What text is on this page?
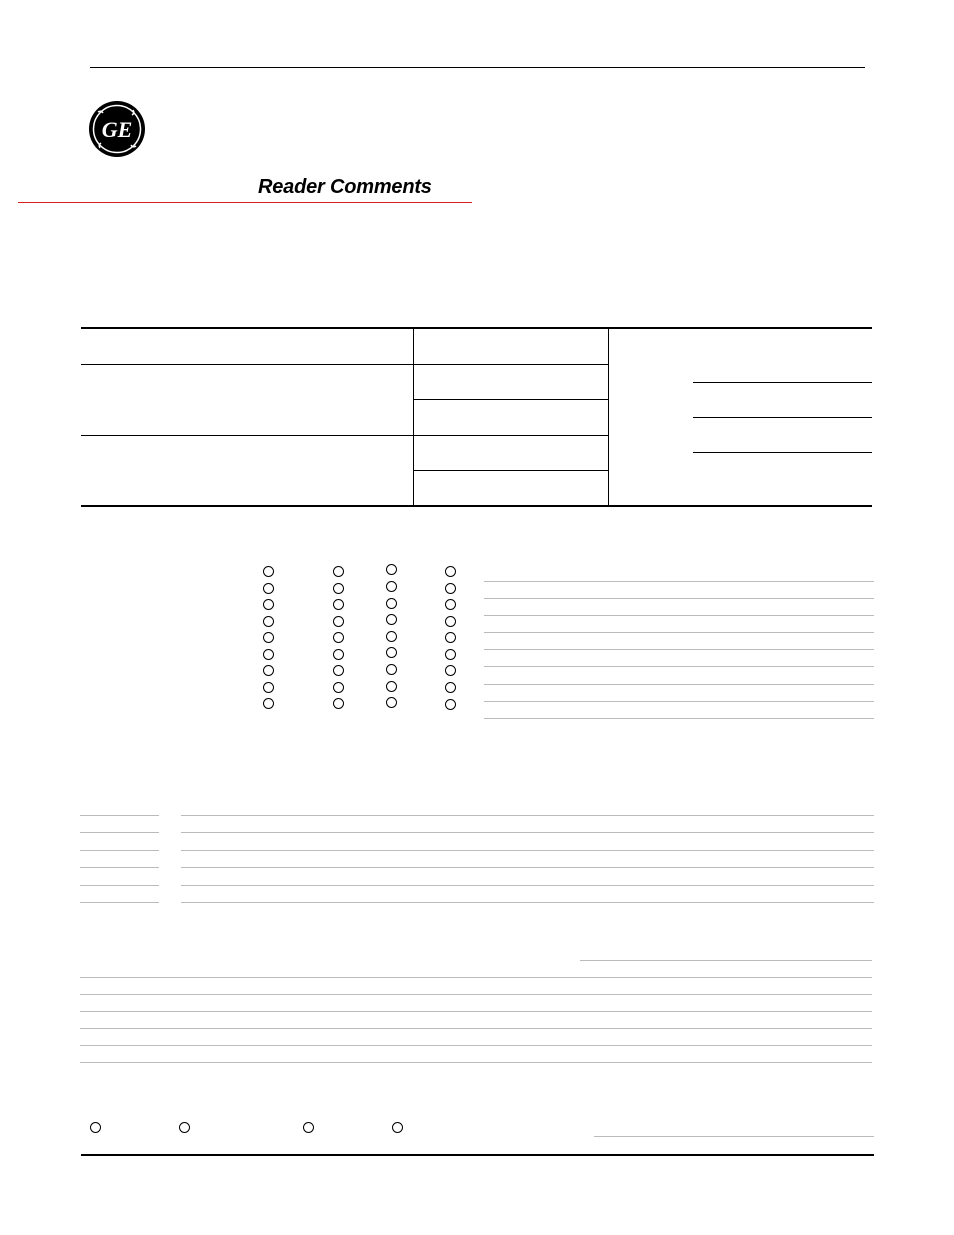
GE
Reader Comments
